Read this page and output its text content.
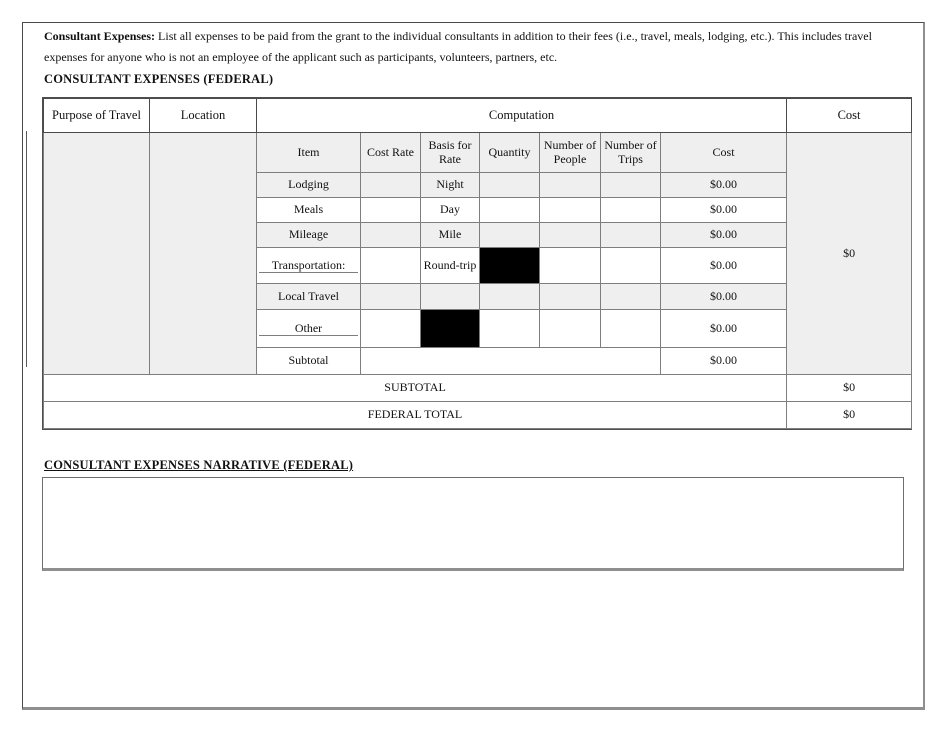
Consultant Expenses: List all expenses to be paid from the grant to the individual consultants in addition to their fees (i.e., travel, meals, lodging, etc.). This includes travel expenses for anyone who is not an employee of the applicant such as participants, volunteers, partners, etc.

CONSULTANT EXPENSES (FEDERAL)
Purpose of Travel	Location	Computation							Cost
		Item	Cost Rate	Basis for Rate	Quantity	Number of People	Number of Trips	Cost	$0
		Lodging		Night				$0.00	
		Meals		Day				$0.00	
		Mileage		Mile				$0.00	

		Transportation:		Round-trip				$0.00	
		Local Travel						$0.00	

		Other						$0.00	
		Subtotal						$0.00	
SUBTOTAL									$0
FEDERAL TOTAL									$0
CONSULTANT EXPENSES NARRATIVE (FEDERAL)
